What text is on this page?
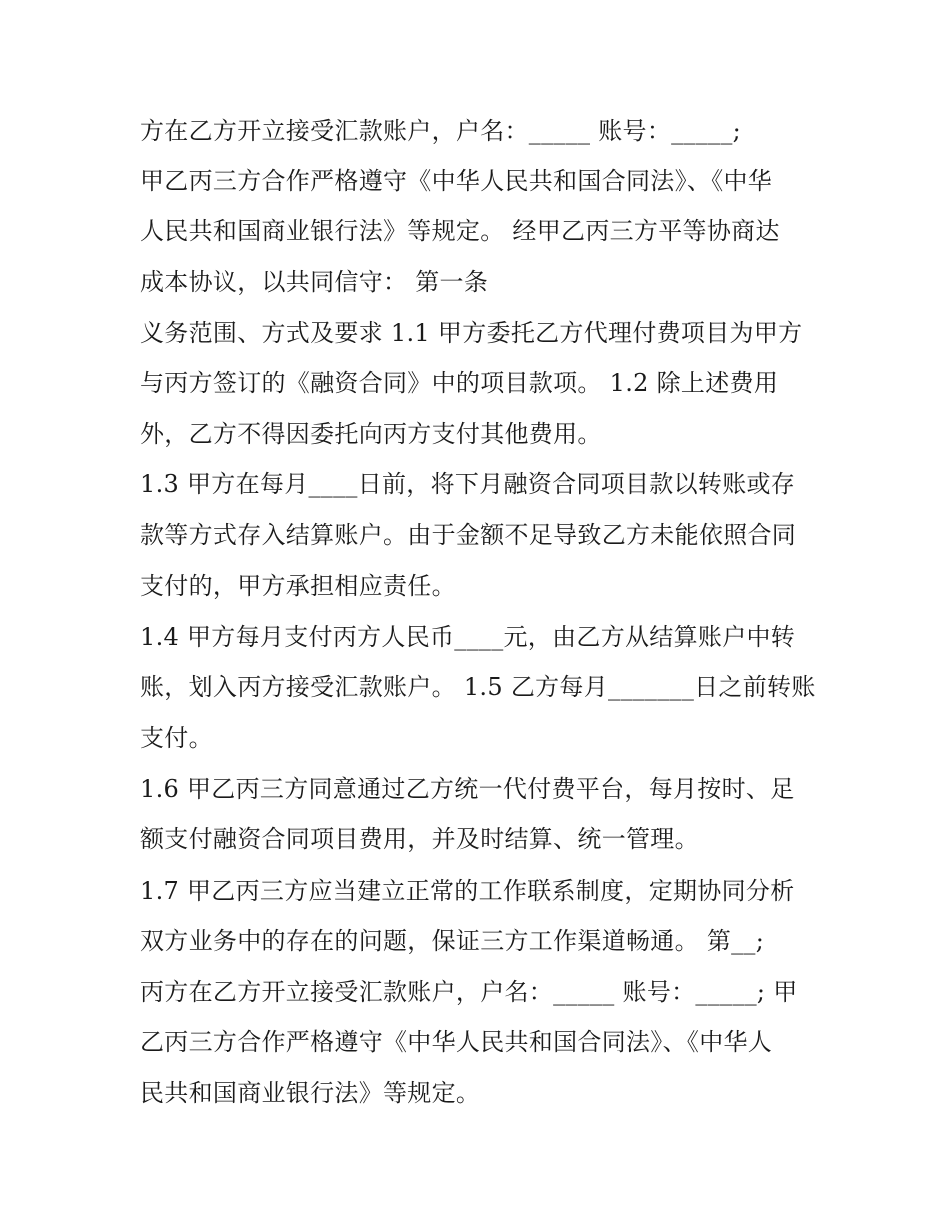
方在乙方开立接受汇款账户，户名：_____ 账号：_____;
甲乙丙三方合作严格遵守《中华人民共和国合同法》、《中华
人民共和国商业银行法》等规定。 经甲乙丙三方平等协商达
成本协议，以共同信守： 第一条
义务范围、方式及要求 1.1 甲方委托乙方代理付费项目为甲方
与丙方签订的《融资合同》中的项目款项。 1.2 除上述费用
外，乙方不得因委托向丙方支付其他费用。
1.3 甲方在每月____日前，将下月融资合同项目款以转账或存
款等方式存入结算账户。由于金额不足导致乙方未能依照合同
支付的，甲方承担相应责任。
1.4 甲方每月支付丙方人民币____元，由乙方从结算账户中转
账，划入丙方接受汇款账户。 1.5 乙方每月_______日之前转账
支付。
1.6 甲乙丙三方同意通过乙方统一代付费平台，每月按时、足
额支付融资合同项目费用，并及时结算、统一管理。
1.7 甲乙丙三方应当建立正常的工作联系制度，定期协同分析
双方业务中的存在的问题，保证三方工作渠道畅通。 第__;
丙方在乙方开立接受汇款账户，户名：_____ 账号：_____; 甲
乙丙三方合作严格遵守《中华人民共和国合同法》、《中华人
民共和国商业银行法》等规定。
